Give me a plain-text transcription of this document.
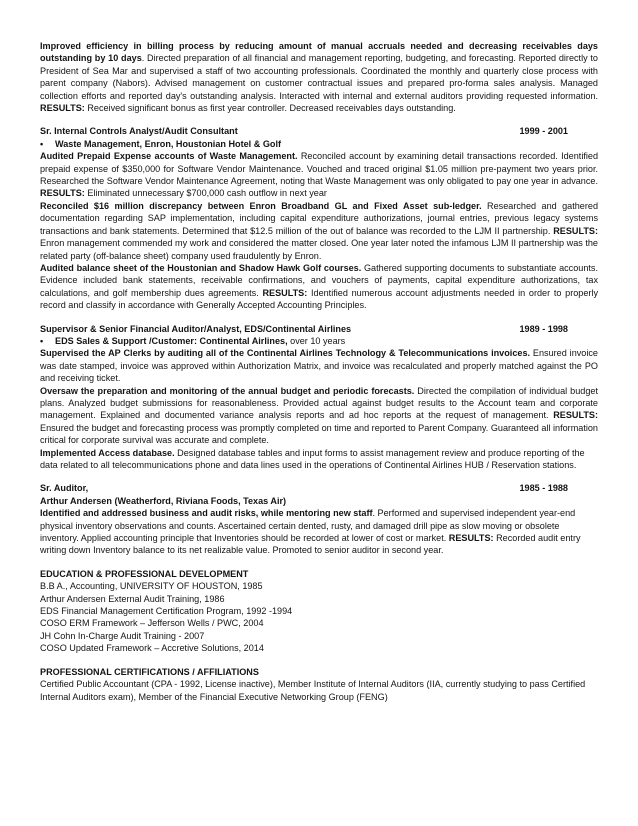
Improved efficiency in billing process by reducing amount of manual accruals needed and decreasing receivables days outstanding by 10 days. Directed preparation of all financial and management reporting, budgeting, and forecasting. Reported directly to President of Sea Mar and supervised a staff of two accounting professionals. Coordinated the monthly and quarterly close process with parent company (Nabors). Advised management on customer contractual issues and prepared pro-forma sales analysis. Managed collection efforts and reported day's outstanding analysis. Interacted with internal and external auditors providing requested information. RESULTS: Received significant bonus as first year controller. Decreased receivables days outstanding.

Sr. Internal Controls Analyst/Audit Consultant	1999 - 2001
• Waste Management, Enron, Houstonian Hotel & Golf

Audited Prepaid Expense accounts of Waste Management. Reconciled account by examining detail transactions recorded. Identified prepaid expense of $350,000 for Software Vendor Maintenance. Vouched and traced original $1.05 million pre-payment two years prior. Researched the Software Vendor Maintenance Agreement, noting that Waste Management was only obligated to pay one year in advance. RESULTS: Eliminated unnecessary $700,000 cash outflow in next year

Reconciled $16 million discrepancy between Enron Broadband GL and Fixed Asset sub-ledger. Researched and gathered documentation regarding SAP implementation, including capital expenditure authorizations, journal entries, previous legacy systems transactions and bank statements. Determined that $12.5 million of the out of balance was recorded to the LJM II partnership. RESULTS: Enron management commended my work and considered the matter closed. One year later noted the infamous LJM II partnership was the related party (off-balance sheet) company used fraudulently by Enron.

Audited balance sheet of the Houstonian and Shadow Hawk Golf courses. Gathered supporting documents to substantiate accounts. Evidence included bank statements, receivable confirmations, and vouchers of payments, capital expenditure authorizations, tax calculations, and golf membership dues agreements. RESULTS: Identified numerous account adjustments needed in order to properly record and classify in accordance with Generally Accepted Accounting Principles.

Supervisor & Senior Financial Auditor/Analyst, EDS/Continental Airlines	1989 - 1998
• EDS Sales & Support /Customer: Continental Airlines, over 10 years

Supervised the AP Clerks by auditing all of the Continental Airlines Technology & Telecommunications invoices. Ensured invoice was date stamped, invoice was approved within Authorization Matrix, and invoice was recalculated and properly matched against the PO and receiving ticket.

Oversaw the preparation and monitoring of the annual budget and periodic forecasts. Directed the compilation of individual budget plans. Analyzed budget submissions for reasonableness. Provided actual against budget results to the Account team and corporate management. Explained and documented variance analysis reports and ad hoc reports at the request of management. RESULTS: Ensured the budget and forecasting process was promptly completed on time and reported to Parent Company. Guaranteed all information critical for corporate survival was accurate and complete.

Implemented Access database. Designed database tables and input forms to assist management review and produce reporting of the data related to all telecommunications phone and data lines used in the operations of Continental Airlines HUB / Reservation stations.

Sr. Auditor,	1985 - 1988
Arthur Andersen (Weatherford, Riviana Foods, Texas Air)

Identified and addressed business and audit risks, while mentoring new staff. Performed and supervised independent year-end physical inventory observations and counts. Ascertained certain dented, rusty, and damaged drill pipe as slow moving or obsolete inventory. Applied accounting principle that Inventories should be recorded at lower of cost or market. RESULTS: Recorded audit entry writing down Inventory balance to its net realizable value. Promoted to senior auditor in second year.

EDUCATION & PROFESSIONAL DEVELOPMENT
B.B A., Accounting, UNIVERSITY OF HOUSTON, 1985
Arthur Andersen External Audit Training, 1986
EDS Financial Management Certification Program, 1992 -1994
COSO ERM Framework – Jefferson Wells / PWC, 2004
JH Cohn In-Charge Audit Training - 2007
COSO Updated Framework – Accretive Solutions, 2014
PROFESSIONAL CERTIFICATIONS / AFFILIATIONS

Certified Public Accountant (CPA - 1992, License inactive), Member Institute of Internal Auditors (IIA, currently studying to pass Certified Internal Auditors exam), Member of the Financial Executive Networking Group (FENG)
